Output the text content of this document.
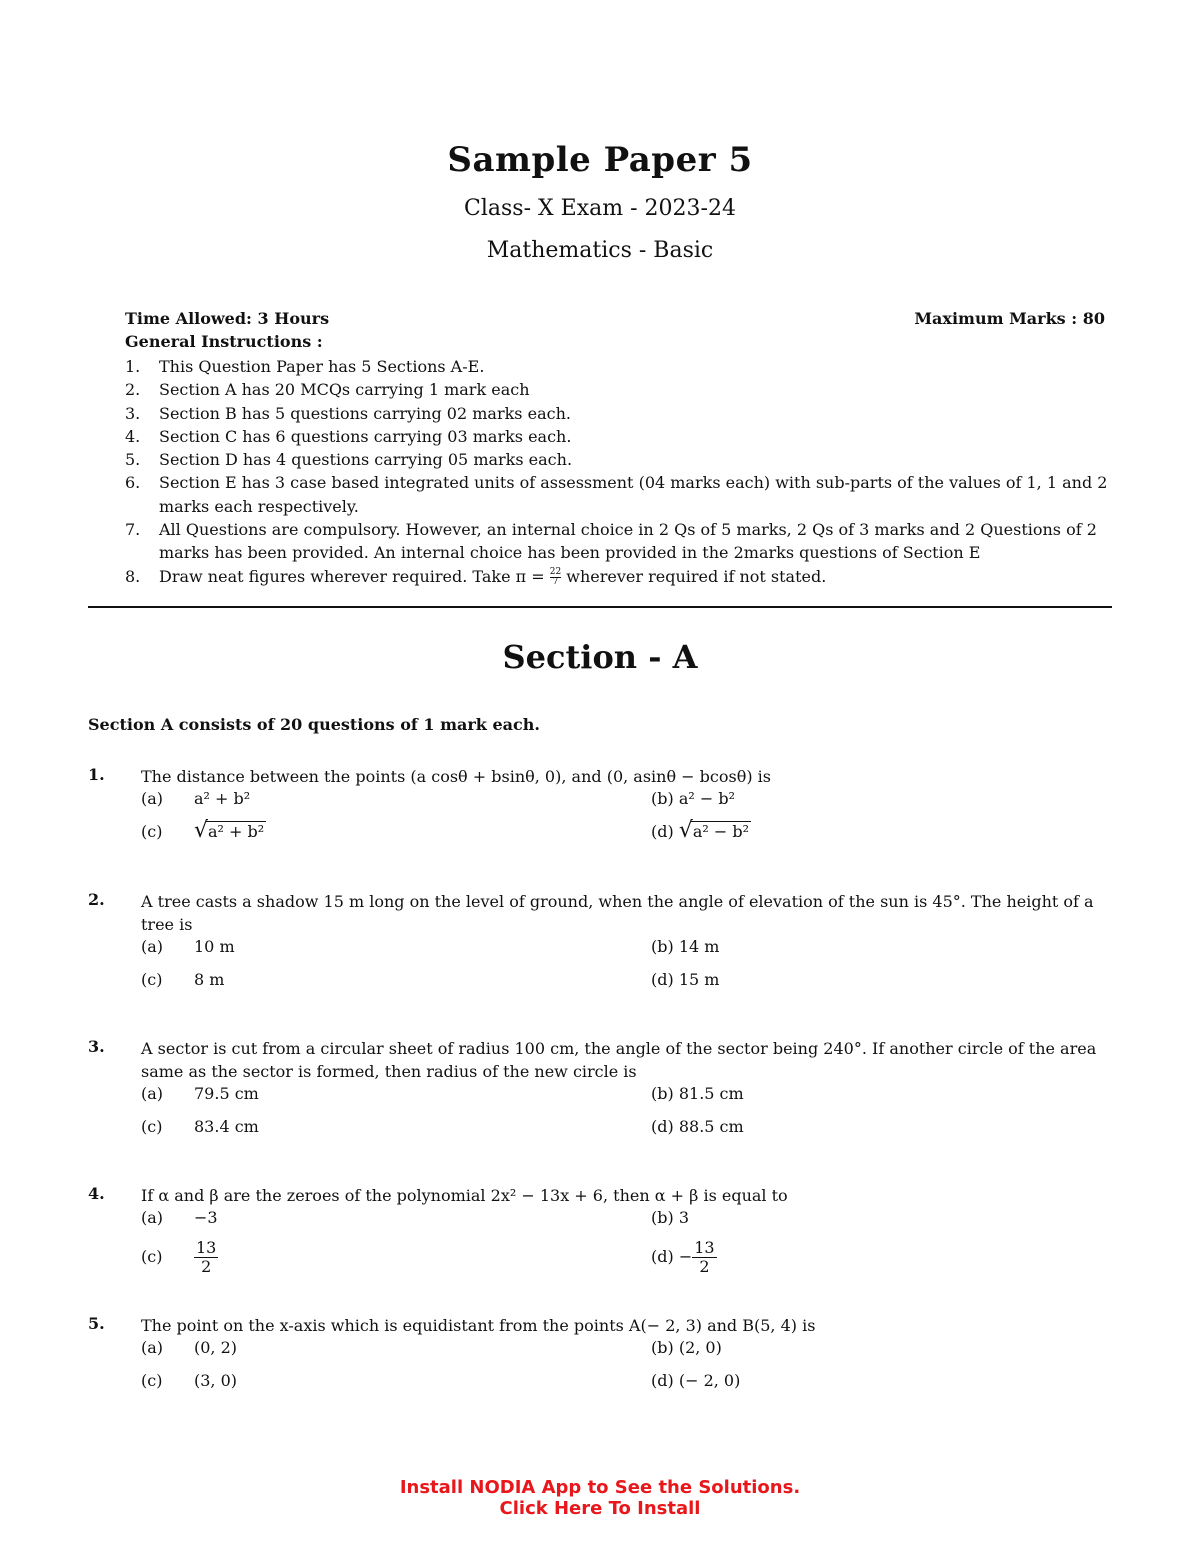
Sample Paper 5
Class- X Exam - 2023-24
Mathematics - Basic
Time Allowed: 3 Hours	Maximum Marks : 80
General Instructions :
1.	This Question Paper has 5 Sections A-E.
2.	Section A has 20 MCQs carrying 1 mark each
3.	Section B has 5 questions carrying 02 marks each.
4.	Section C has 6 questions carrying 03 marks each.
5.	Section D has 4 questions carrying 05 marks each.
6.	Section E has 3 case based integrated units of assessment (04 marks each) with sub-parts of the values of 1, 1 and 2 marks each respectively.
7.	All Questions are compulsory. However, an internal choice in 2 Qs of 5 marks, 2 Qs of 3 marks and 2 Questions of 2 marks has been provided. An internal choice has been provided in the 2marks questions of Section E
8.	Draw neat figures wherever required. Take $\pi = \frac{22}{7}$ wherever required if not stated.
Section - A
Section A consists of 20 questions of 1 mark each.
1. The distance between the points (a cosθ + bsinθ, 0), and (0, asinθ − bcosθ) is
(a) a² + b²	(b) a² − b²
(c) √ a² + b²	(d) √ a² − b²
2. A tree casts a shadow 15 m long on the level of ground, when the angle of elevation of the sun is 45°. The height of a tree is
(a) 10 m	(b) 14 m
(c) 8 m	(d) 15 m
3. A sector is cut from a circular sheet of radius 100 cm, the angle of the sector being 240°. If another circle of the area same as the sector is formed, then radius of the new circle is
(a) 79.5 cm	(b) 81.5 cm
(c) 83.4 cm	(d) 88.5 cm
4. If α and β are the zeroes of the polynomial 2x² − 13x + 6, then α + β is equal to
(a) −3	(b) 3
$(c) \frac{13}{2}$	$(d) - \frac{13}{2}$
5. The point on the x-axis which is equidistant from the points A(− 2, 3) and B(5, 4) is
(a) (0, 2)	(b) (2, 0)
(c) (3, 0)	(d) (− 2, 0)
Install NODIA App to See the Solutions.
Click Here To Install
